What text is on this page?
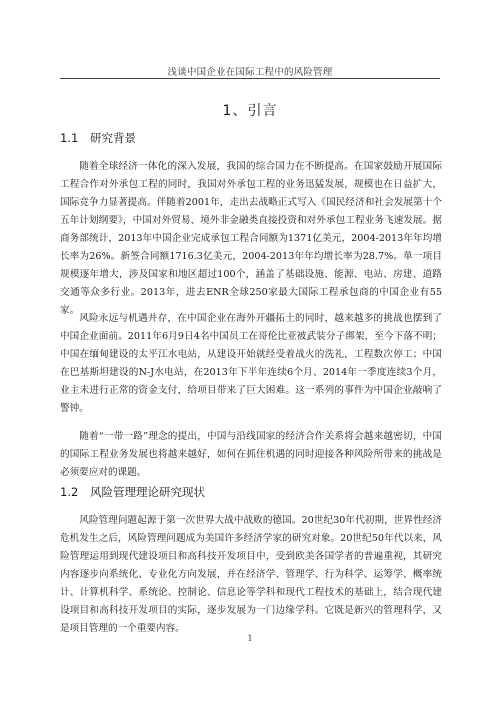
浅谈中国企业在国际工程中的风险管理
1、引言
1.1 研究背景

随着全球经济一体化的深入发展，我国的综合国力在不断提高。在国家鼓励开展国际工程合作对外承包工程的同时，我国对外承包工程的业务迅猛发展，规模也在日益扩大，国际竞争力显著提高。伴随着2001年，走出去战略正式写入《国民经济和社会发展第十个五年计划纲要》，中国对外贸易、境外非金融类直接投资和对外承包工程业务飞速发展。据商务部统计，2013年中国企业完成承包工程合同额为1371亿美元，2004-2013年年均增长率为26%。新签合同额1716.3亿美元，2004-2013年年均增长率为28.7%。单一项目规模逐年增大，涉及国家和地区超过100个，涵盖了基础设施、能源、电站、房建、道路交通等众多行业。2013年，进去ENR全球250家最大国际工程承包商的中国企业有55家。

风险永远与机遇并存，在中国企业在海外开疆拓土的同时，越来越多的挑战也摆到了中国企业面前。2011年6月9日4名中国员工在哥伦比亚被武装分子绑架，至今下落不明；中国在缅甸建设的太平江水电站，从建设开始就经受着战火的洗礼，工程数次停工；中国在巴基斯坦建设的N-J水电站，在2013年下半年连续6个月、2014年一季度连续3个月，业主未进行正常的资金支付，给项目带来了巨大困难。这一系列的事件为中国企业敲响了警钟。

随着“一带一路”理念的提出，中国与沿线国家的经济合作关系将会越来越密切，中国的国际工程业务发展也将越来越好，如何在抓住机遇的同时迎接各种风险所带来的挑战是必须要应对的课题。

1.2 风险管理理论研究现状

风险管理问题起源于第一次世界大战中战败的德国。20世纪30年代初期，世界性经济危机发生之后，风险管理问题成为美国许多经济学家的研究对象。20世纪50年代以来，风险管理运用到现代建设项目和高科技开发项目中，受到欧美各国学者的普遍重视，其研究内容逐步向系统化、专业化方向发展，并在经济学、管理学、行为科学、运筹学、概率统计、计算机科学、系统论、控制论、信息论等学科和现代工程技术的基础上，结合现代建设项目和高科技开发项目的实际，逐步发展为一门边缘学科。它既是新兴的管理科学，又是项目管理的一个重要内容。

1
